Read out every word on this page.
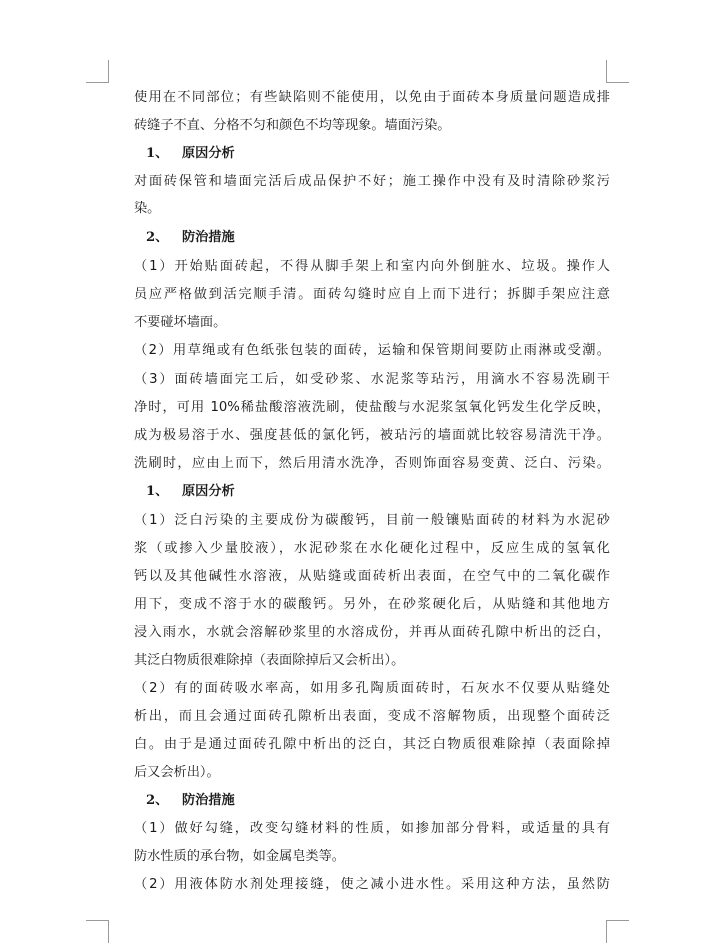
使用在不同部位；有些缺陷则不能使用，以免由于面砖本身质量问题造成排
砖缝子不直、分格不匀和颜色不均等现象。墙面污染。
1、 原因分析
对面砖保管和墙面完活后成品保护不好；施工操作中没有及时清除砂浆污
染。
2、 防治措施
（1）开始贴面砖起，不得从脚手架上和室内向外倒脏水、垃圾。操作人
员应严格做到活完顺手清。面砖勾缝时应自上而下进行；拆脚手架应注意
不要碰坏墙面。
（2）用草绳或有色纸张包装的面砖，运输和保管期间要防止雨淋或受潮。
（3）面砖墙面完工后，如受砂浆、水泥浆等玷污，用滴水不容易洗刷干
净时，可用 10%稀盐酸溶液洗刷，使盐酸与水泥浆氢氧化钙发生化学反映，
成为极易溶于水、强度甚低的氯化钙，被玷污的墙面就比较容易清洗干净。
洗刷时，应由上而下，然后用清水洗净，否则饰面容易变黄、泛白、污染。
1、 原因分析
（1）泛白污染的主要成份为碳酸钙，目前一般镶贴面砖的材料为水泥砂
浆（或掺入少量胶液），水泥砂浆在水化硬化过程中，反应生成的氢氧化
钙以及其他碱性水溶液，从贴缝或面砖析出表面，在空气中的二氧化碳作
用下，变成不溶于水的碳酸钙。另外，在砂浆硬化后，从贴缝和其他地方
浸入雨水，水就会溶解砂浆里的水溶成份，并再从面砖孔隙中析出的泛白，
其泛白物质很难除掉（表面除掉后又会析出）。
（2）有的面砖吸水率高，如用多孔陶质面砖时，石灰水不仅要从贴缝处
析出，而且会通过面砖孔隙析出表面，变成不溶解物质，出现整个面砖泛
白。由于是通过面砖孔隙中析出的泛白，其泛白物质很难除掉（表面除掉
后又会析出）。
2、 防治措施
（1）做好勾缝，改变勾缝材料的性质，如掺加部分骨料，或适量的具有
防水性质的承台物，如金属皂类等。
（2）用液体防水剂处理接缝，使之减小进水性。采用这种方法，虽然防
